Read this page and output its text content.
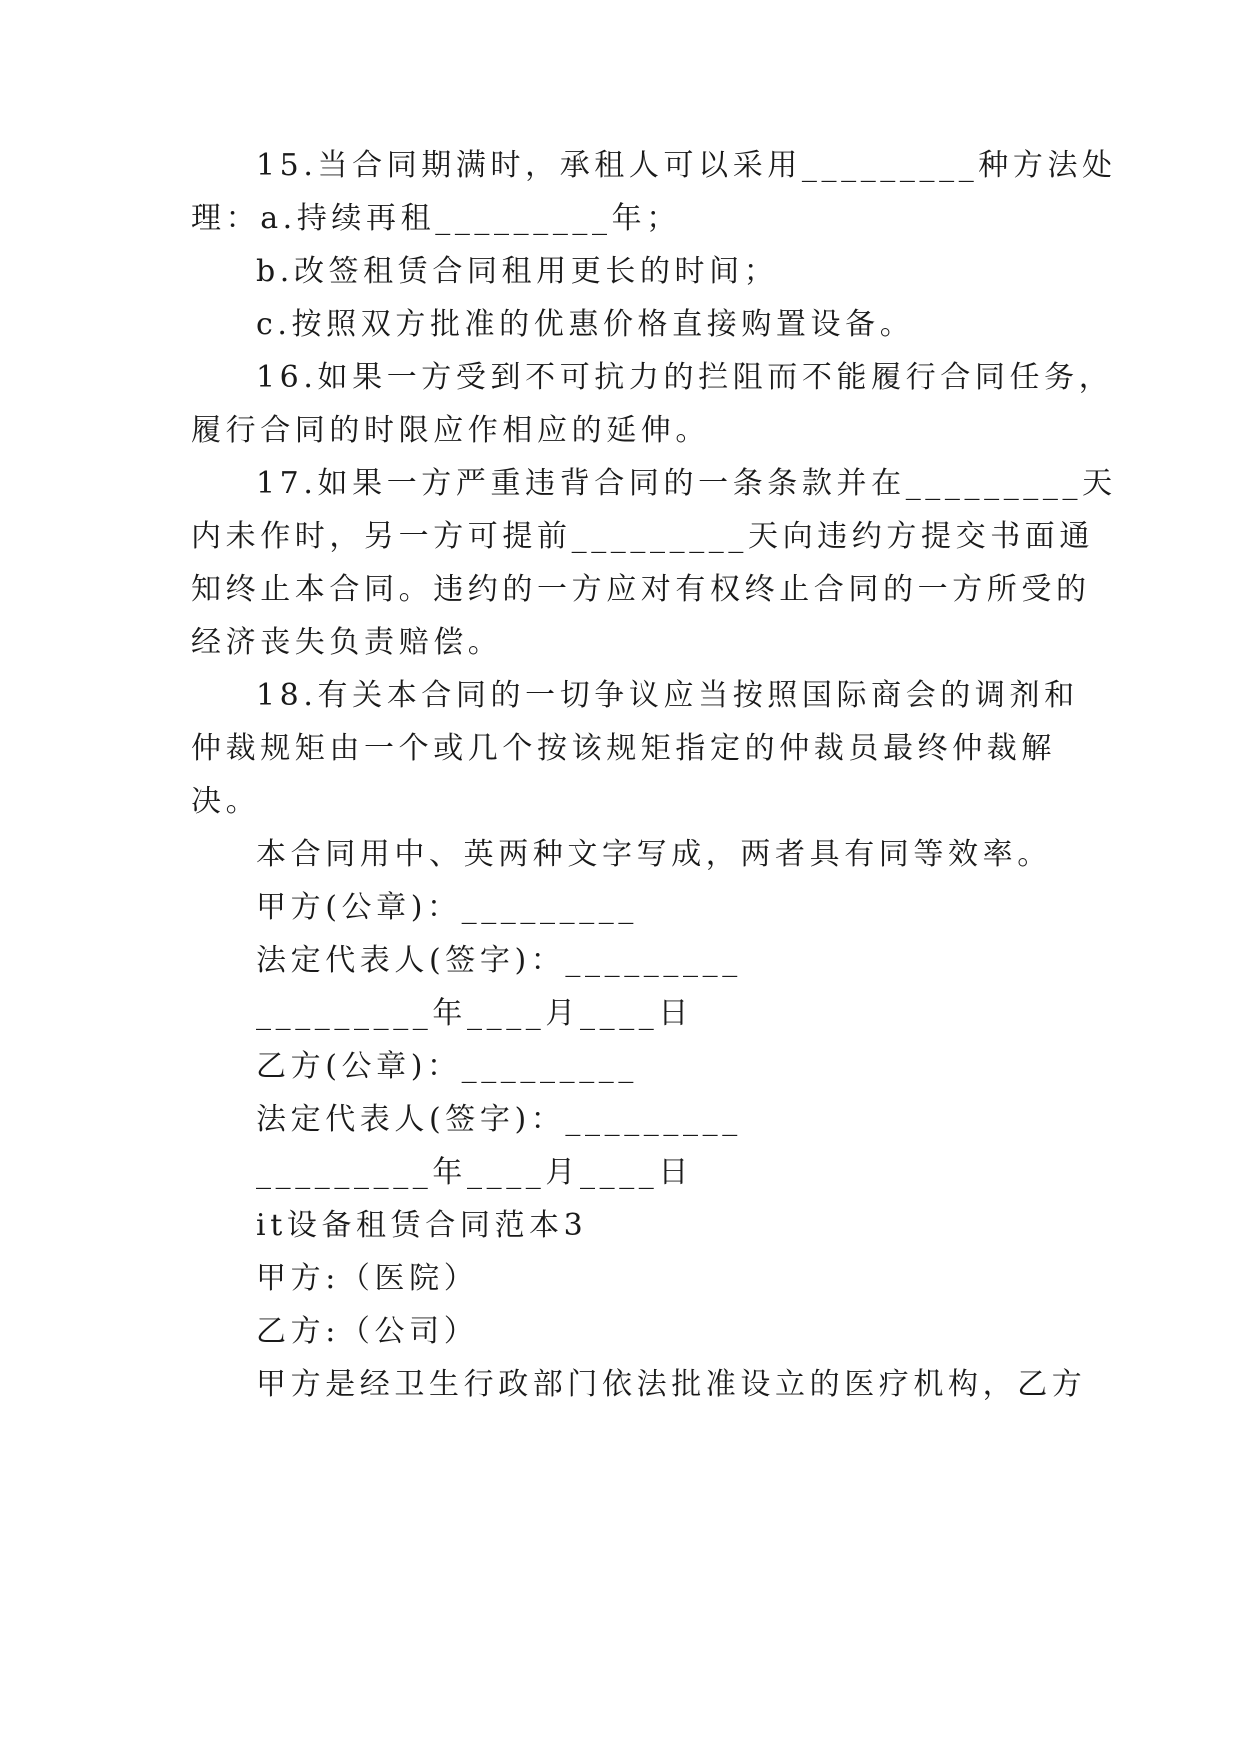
15.当合同期满时，承租人可以采用_________种方法处
理：a.持续再租_________年；
b.改签租赁合同租用更长的时间；
c.按照双方批准的优惠价格直接购置设备。
16.如果一方受到不可抗力的拦阻而不能履行合同任务，
履行合同的时限应作相应的延伸。
17.如果一方严重违背合同的一条条款并在_________天
内未作时，另一方可提前_________天向违约方提交书面通
知终止本合同。违约的一方应对有权终止合同的一方所受的
经济丧失负责赔偿。
18.有关本合同的一切争议应当按照国际商会的调剂和
仲裁规矩由一个或几个按该规矩指定的仲裁员最终仲裁解
决。
本合同用中、英两种文字写成，两者具有同等效率。
甲方(公章)：_________
法定代表人(签字)：_________
_________年____月____日
乙方(公章)：_________
法定代表人(签字)：_________
_________年____月____日
it设备租赁合同范本3
甲方:（医院）
乙方:（公司）
甲方是经卫生行政部门依法批准设立的医疗机构，乙方
